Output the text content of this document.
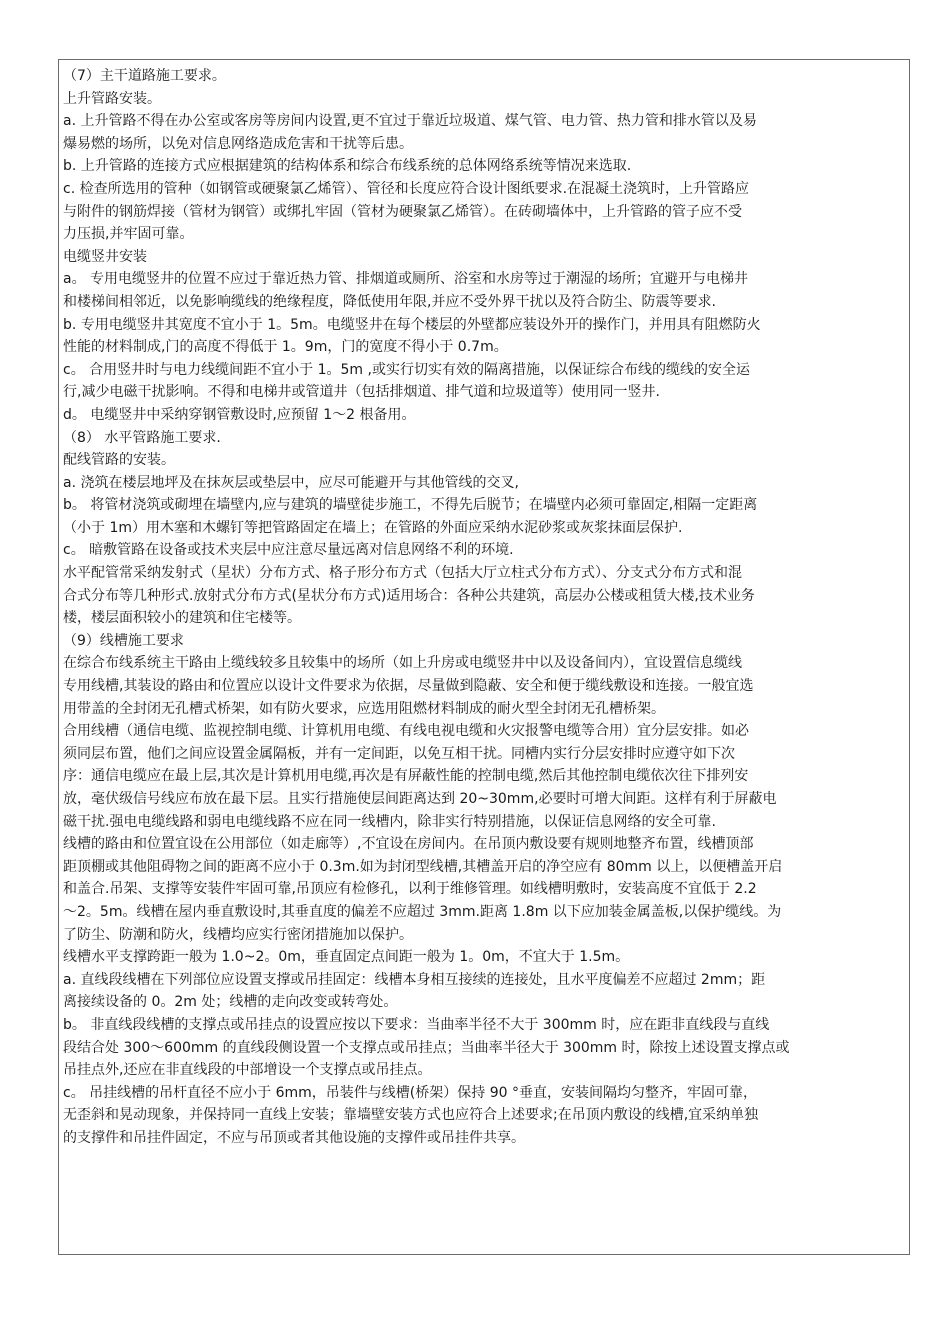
（7）主干道路施工要求。
上升管路安装。
a. 上升管路不得在办公室或客房等房间内设置,更不宜过于靠近垃圾道、煤气管、电力管、热力管和排水管以及易
爆易燃的场所，以免对信息网络造成危害和干扰等后患。
b. 上升管路的连接方式应根据建筑的结构体系和综合布线系统的总体网络系统等情况来选取.
c. 检查所选用的管种（如钢管或硬聚氯乙烯管）、管径和长度应符合设计图纸要求.在混凝土浇筑时，上升管路应
与附件的钢筋焊接（管材为钢管）或绑扎牢固（管材为硬聚氯乙烯管）。在砖砌墙体中，上升管路的管子应不受
力压损,并牢固可靠。
电缆竖井安装
a。 专用电缆竖井的位置不应过于靠近热力管、排烟道或厕所、浴室和水房等过于潮湿的场所；宜避开与电梯井
和楼梯间相邻近，以免影响缆线的绝缘程度，降低使用年限,并应不受外界干扰以及符合防尘、防震等要求.
b. 专用电缆竖井其宽度不宜小于 1。5m。电缆竖井在每个楼层的外壁都应装设外开的操作门，并用具有阻燃防火
性能的材料制成,门的高度不得低于 1。9m，门的宽度不得小于 0.7m。
c。 合用竖井时与电力线缆间距不宜小于 1。5m ,或实行切实有效的隔离措施，以保证综合布线的缆线的安全运
行,减少电磁干扰影响。不得和电梯井或管道井（包括排烟道、排气道和垃圾道等）使用同一竖井.
d。 电缆竖井中采纳穿钢管敷设时,应预留 1～2 根备用。
（8） 水平管路施工要求.
配线管路的安装。
a. 浇筑在楼层地坪及在抹灰层或垫层中，应尽可能避开与其他管线的交叉,
b。 将管材浇筑或砌埋在墙壁内,应与建筑的墙壁徒步施工，不得先后脱节；在墙壁内必须可靠固定,相隔一定距离
（小于 1m）用木塞和木螺钉等把管路固定在墙上；在管路的外面应采纳水泥砂浆或灰浆抹面层保护.
c。 暗敷管路在设备或技术夹层中应注意尽量远离对信息网络不利的环境.
水平配管常采纳发射式（星状）分布方式、格子形分布方式（包括大厅立柱式分布方式）、分支式分布方式和混
合式分布等几种形式.放射式分布方式(星状分布方式)适用场合：各种公共建筑，高层办公楼或租赁大楼,技术业务
楼，楼层面积较小的建筑和住宅楼等。
（9）线槽施工要求
在综合布线系统主干路由上缆线较多且较集中的场所（如上升房或电缆竖井中以及设备间内），宜设置信息缆线
专用线槽,其装设的路由和位置应以设计文件要求为依据，尽量做到隐蔽、安全和便于缆线敷设和连接。一般宜选
用带盖的全封闭无孔槽式桥架，如有防火要求，应选用阻燃材料制成的耐火型全封闭无孔槽桥架。
合用线槽（通信电缆、监视控制电缆、计算机用电缆、有线电视电缆和火灾报警电缆等合用）宜分层安排。如必
须同层布置，他们之间应设置金属隔板，并有一定间距，以免互相干扰。同槽内实行分层安排时应遵守如下次
序：通信电缆应在最上层,其次是计算机用电缆,再次是有屏蔽性能的控制电缆,然后其他控制电缆依次往下排列安
放，毫伏级信号线应布放在最下层。且实行措施使层间距离达到 20~30mm,必要时可增大间距。这样有利于屏蔽电
磁干扰.强电电缆线路和弱电电缆线路不应在同一线槽内，除非实行特别措施，以保证信息网络的安全可靠.
线槽的路由和位置宜设在公用部位（如走廊等）,不宜设在房间内。在吊顶内敷设要有规则地整齐布置，线槽顶部
距顶棚或其他阻碍物之间的距离不应小于 0.3m.如为封闭型线槽,其槽盖开启的净空应有 80mm 以上，以便槽盖开启
和盖合.吊架、支撑等安装件牢固可靠,吊顶应有检修孔，以利于维修管理。如线槽明敷时，安装高度不宜低于 2.2
～2。5m。线槽在屋内垂直敷设时,其垂直度的偏差不应超过 3mm.距离 1.8m 以下应加装金属盖板,以保护缆线。为
了防尘、防潮和防火，线槽均应实行密闭措施加以保护。
线槽水平支撑跨距一般为 1.0~2。0m，垂直固定点间距一般为 1。0m，不宜大于 1.5m。
a. 直线段线槽在下列部位应设置支撑或吊挂固定：线槽本身相互接续的连接处，且水平度偏差不应超过 2mm；距
离接续设备的 0。2m 处；线槽的走向改变或转弯处。
b。 非直线段线槽的支撑点或吊挂点的设置应按以下要求：当曲率半径不大于 300mm 时，应在距非直线段与直线
段结合处 300～600mm 的直线段侧设置一个支撑点或吊挂点；当曲率半径大于 300mm 时，除按上述设置支撑点或
吊挂点外,还应在非直线段的中部增设一个支撑点或吊挂点。
c。 吊挂线槽的吊杆直径不应小于 6mm，吊装件与线槽(桥架）保持 90 °垂直，安装间隔均匀整齐，牢固可靠，
无歪斜和晃动现象，并保持同一直线上安装；靠墙壁安装方式也应符合上述要求;在吊顶内敷设的线槽,宜采纳单独
的支撑件和吊挂件固定，不应与吊顶或者其他设施的支撑件或吊挂件共享。
